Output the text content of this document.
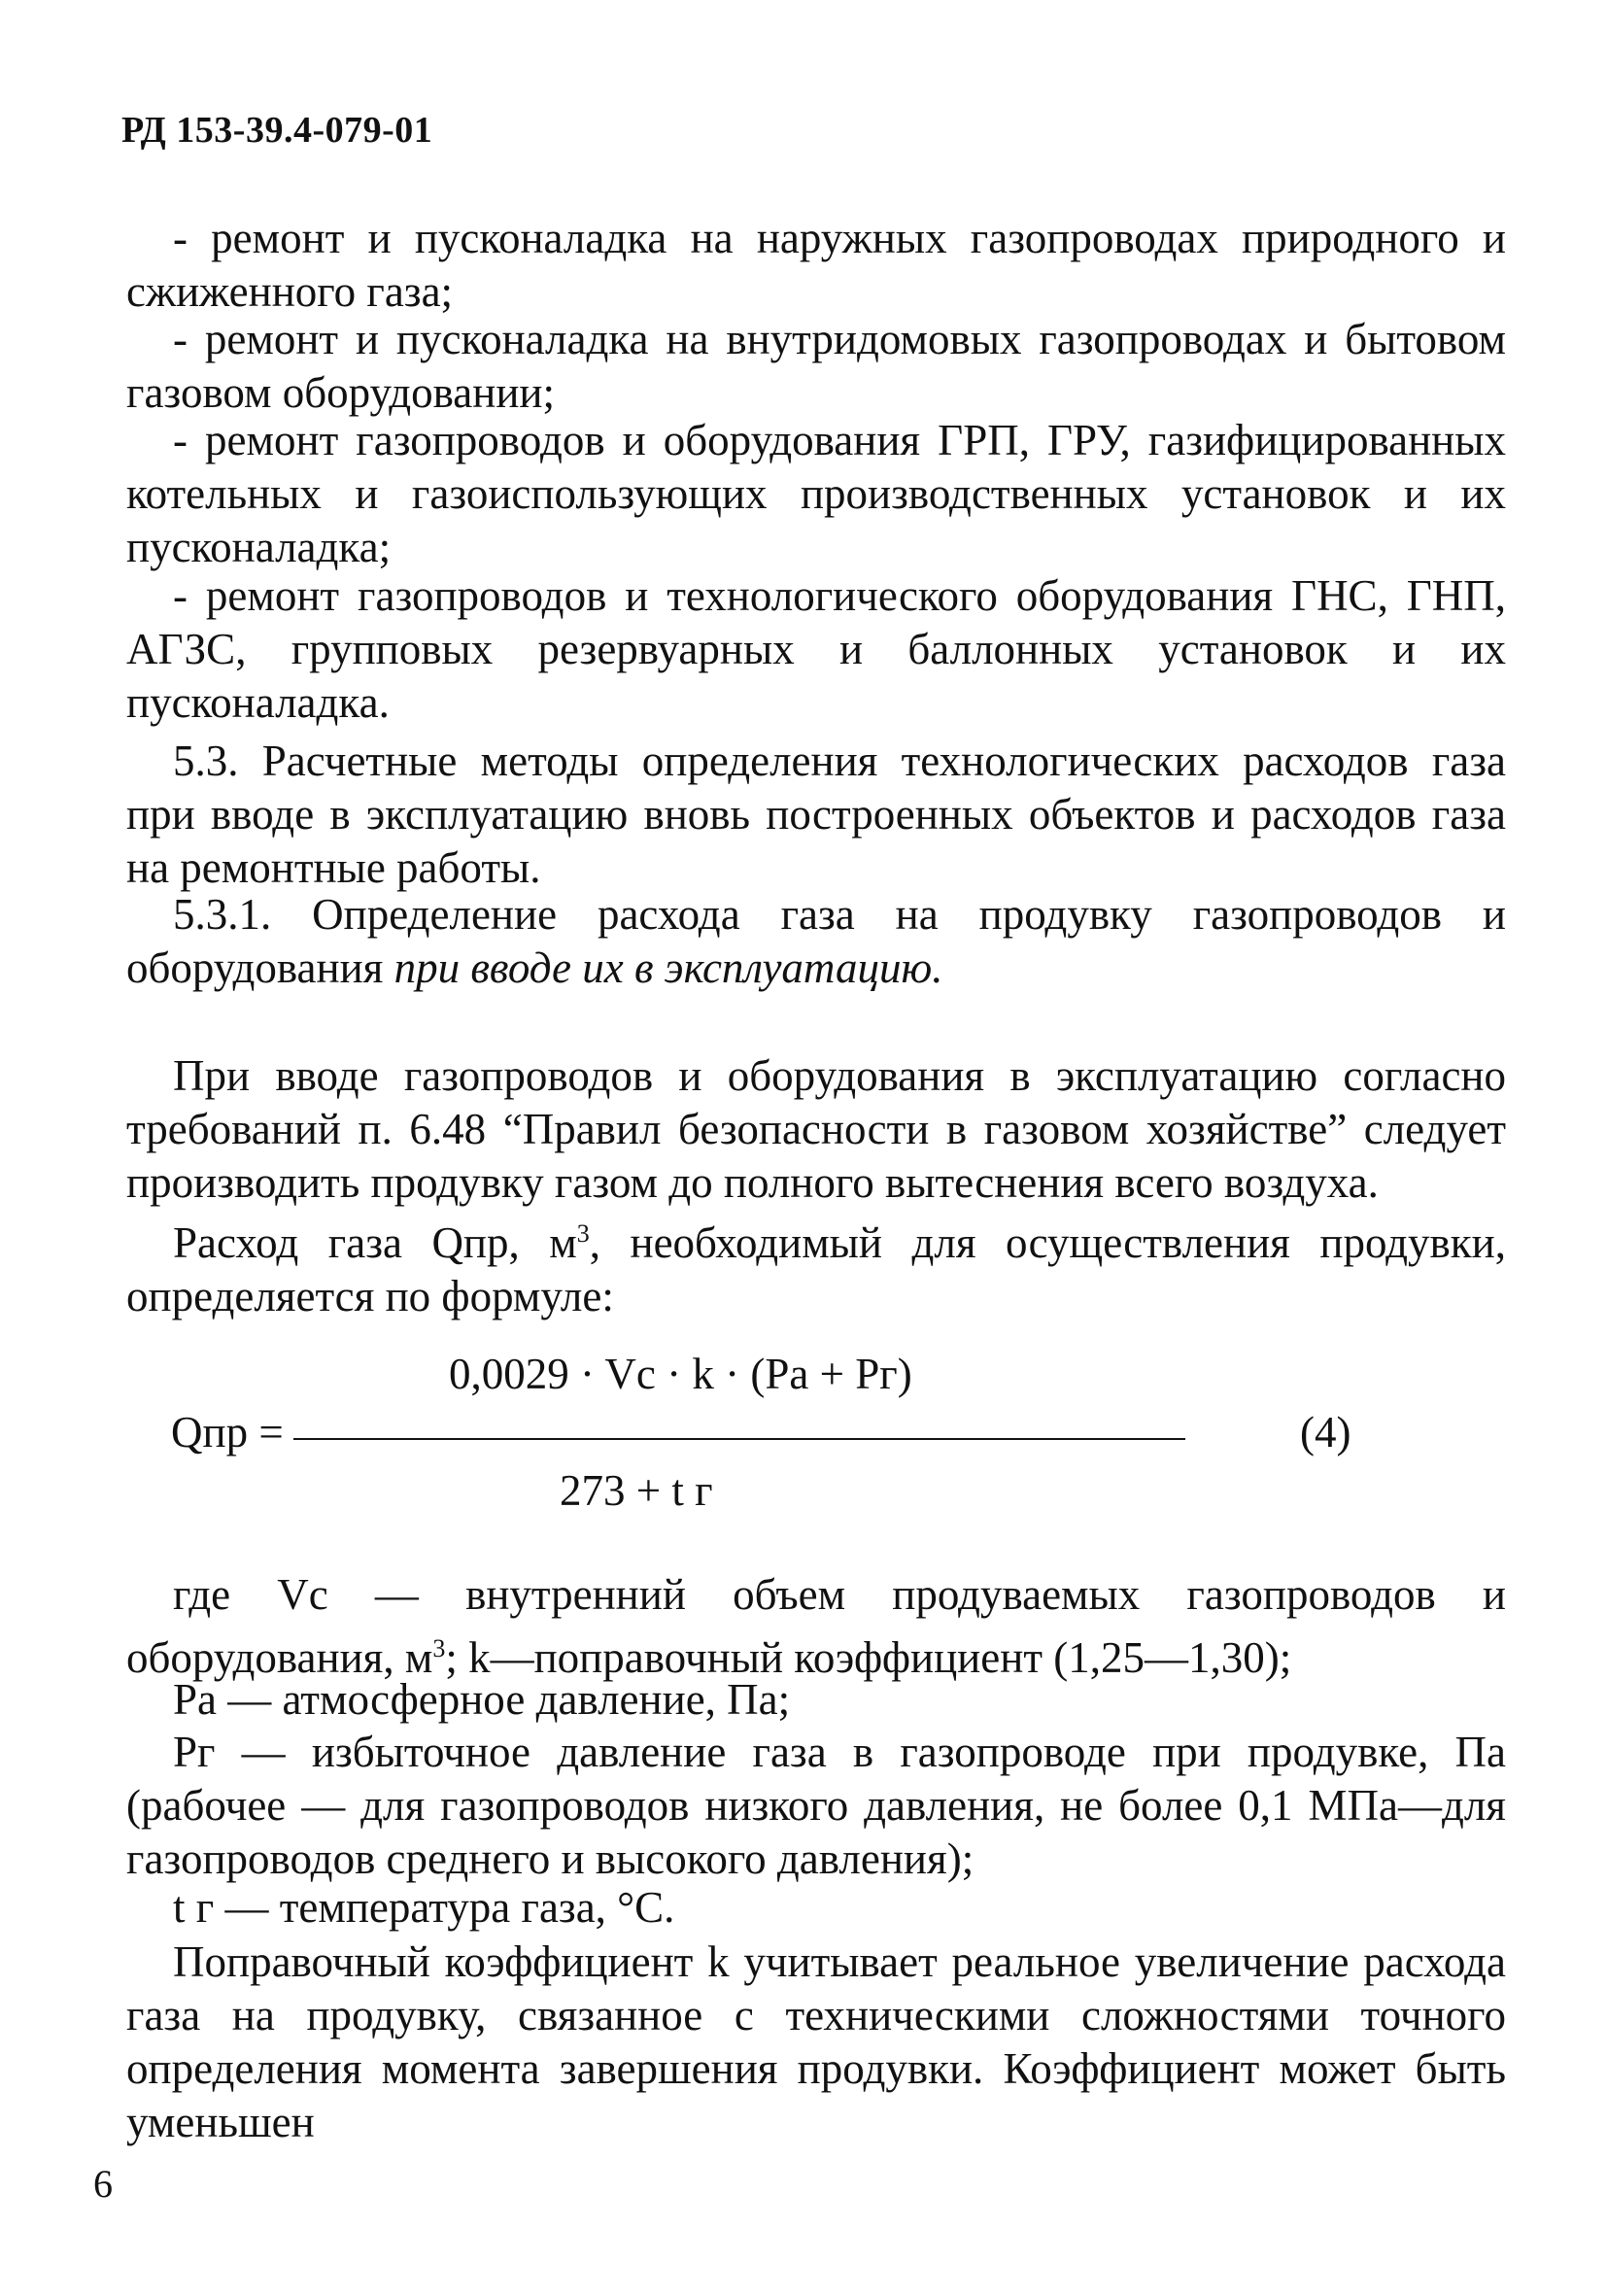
РД 153-39.4-079-01
- ремонт и пусконаладка на наружных газопроводах природного и сжиженного газа;
- ремонт и пусконаладка на внутридомовых газопроводах и бытовом газовом оборудовании;
- ремонт газопроводов и оборудования ГРП, ГРУ, газифицированных котельных и газоиспользующих производственных установок и их пусконаладка;
- ремонт газопроводов и технологического оборудования ГНС, ГНП, АГЗС, групповых резервуарных и баллонных установок и их пусконаладка.
5.3. Расчетные методы определения технологических расходов газа при вводе в эксплуатацию вновь построенных объектов и расходов газа на ремонтные работы.
5.3.1. Определение расхода газа на продувку газопроводов и оборудования при вводе их в эксплуатацию.
При вводе газопроводов и оборудования в эксплуатацию согласно требований п. 6.48 “Правил безопасности в газовом хозяйстве” следует производить продувку газом до полного вытеснения всего воздуха.
Расход газа Qпр, $м^3$, необходимый для осуществления продувки, определяется по формуле:
0,0029 · Vc · k · (Pа + Pг)
Qпр =
273 + t г
(4)
где Vc — внутренний объем продуваемых газопроводов и оборудования, $м^3$; k—поправочный коэффициент (1,25—1,30);
Pа — атмосферное давление, Па;
Pг — избыточное давление газа в газопроводе при продувке, Па (рабочее — для газопроводов низкого давления, не более 0,1 МПа—для газопроводов среднего и высокого давления);
t г — температура газа, °С.
Поправочный коэффициент k учитывает реальное увеличение расхода газа на продувку, связанное с техническими сложностями точного определения момента завершения продувки. Коэффициент может быть уменьшен
6
